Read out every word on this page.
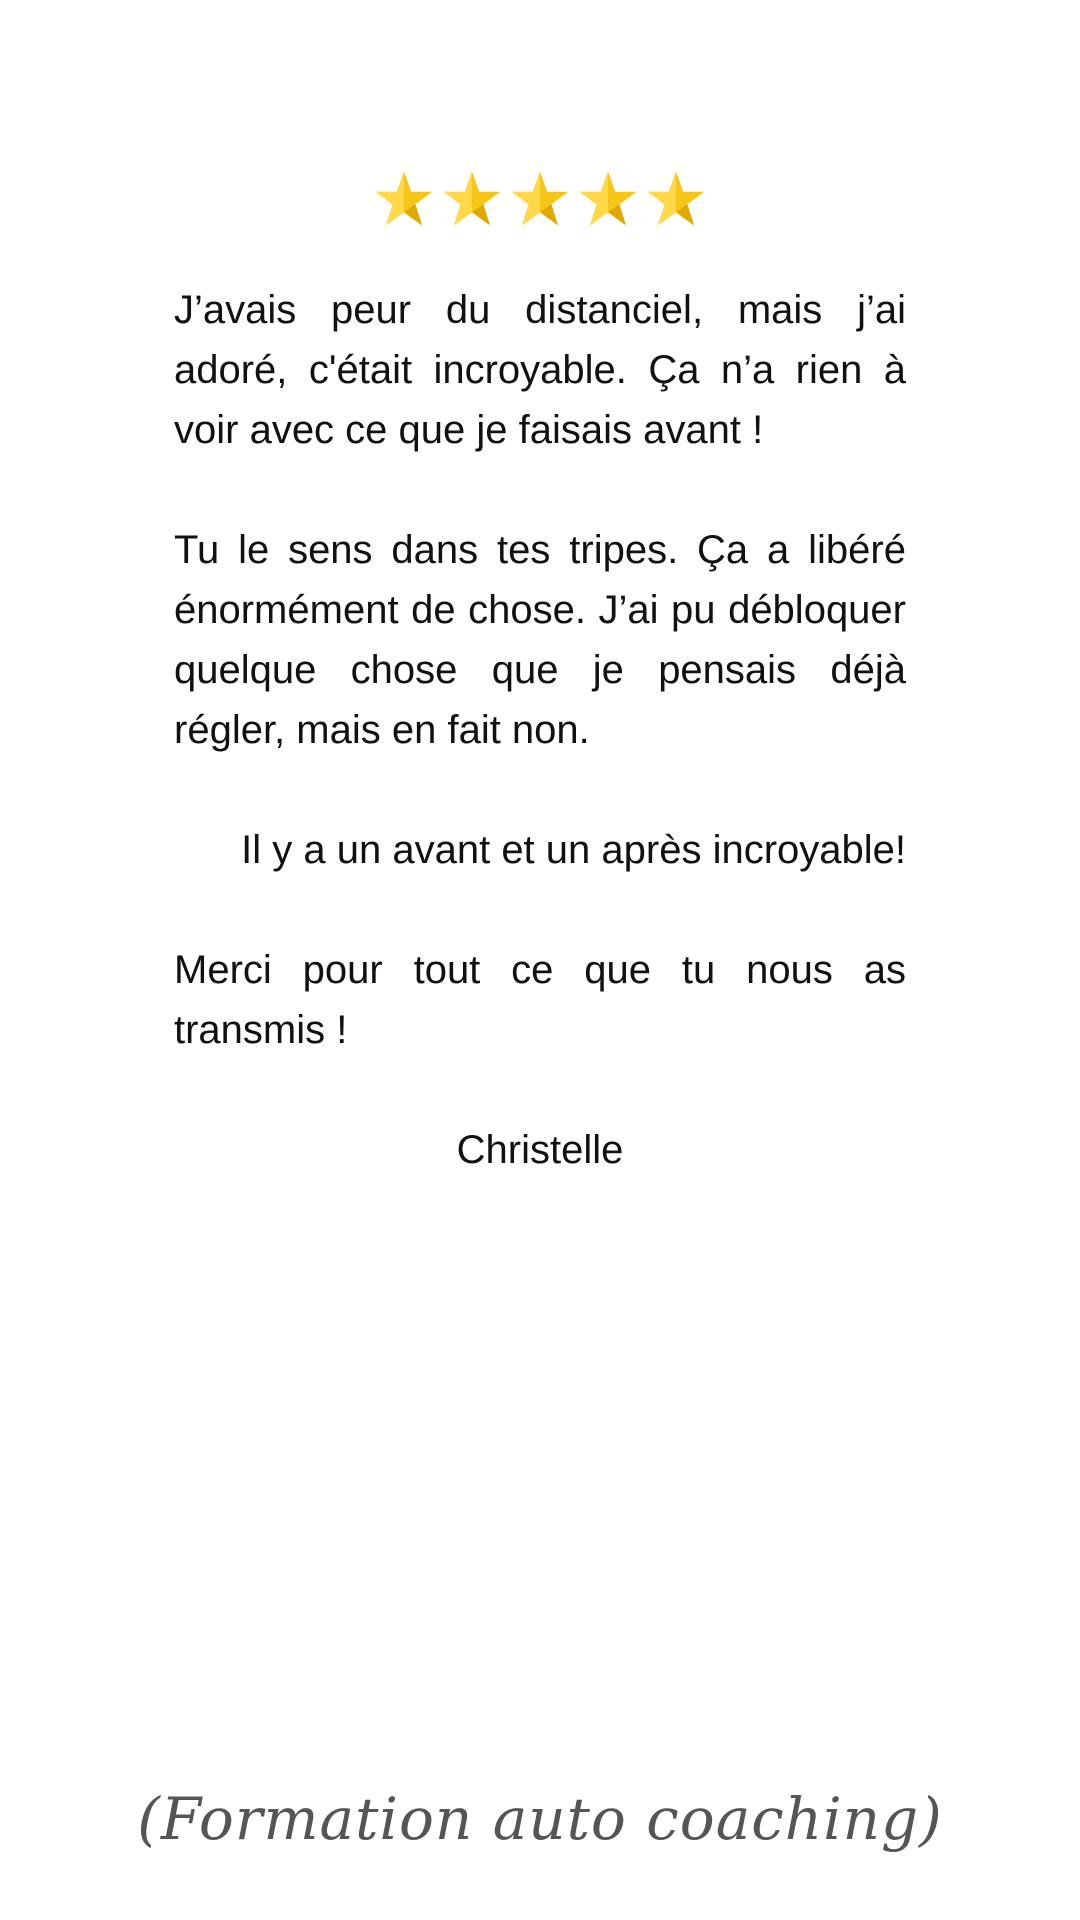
J’avais peur du distanciel, mais j’ai adoré, c'était incroyable. Ça n’a rien à voir avec ce que je faisais avant !

Tu le sens dans tes tripes. Ça a libéré énormément de chose. J’ai pu débloquer quelque chose que je pensais déjà régler, mais en fait non.

Il y a un avant et un après incroyable!

Merci pour tout ce que tu nous as transmis !

Christelle

(Formation auto coaching)
